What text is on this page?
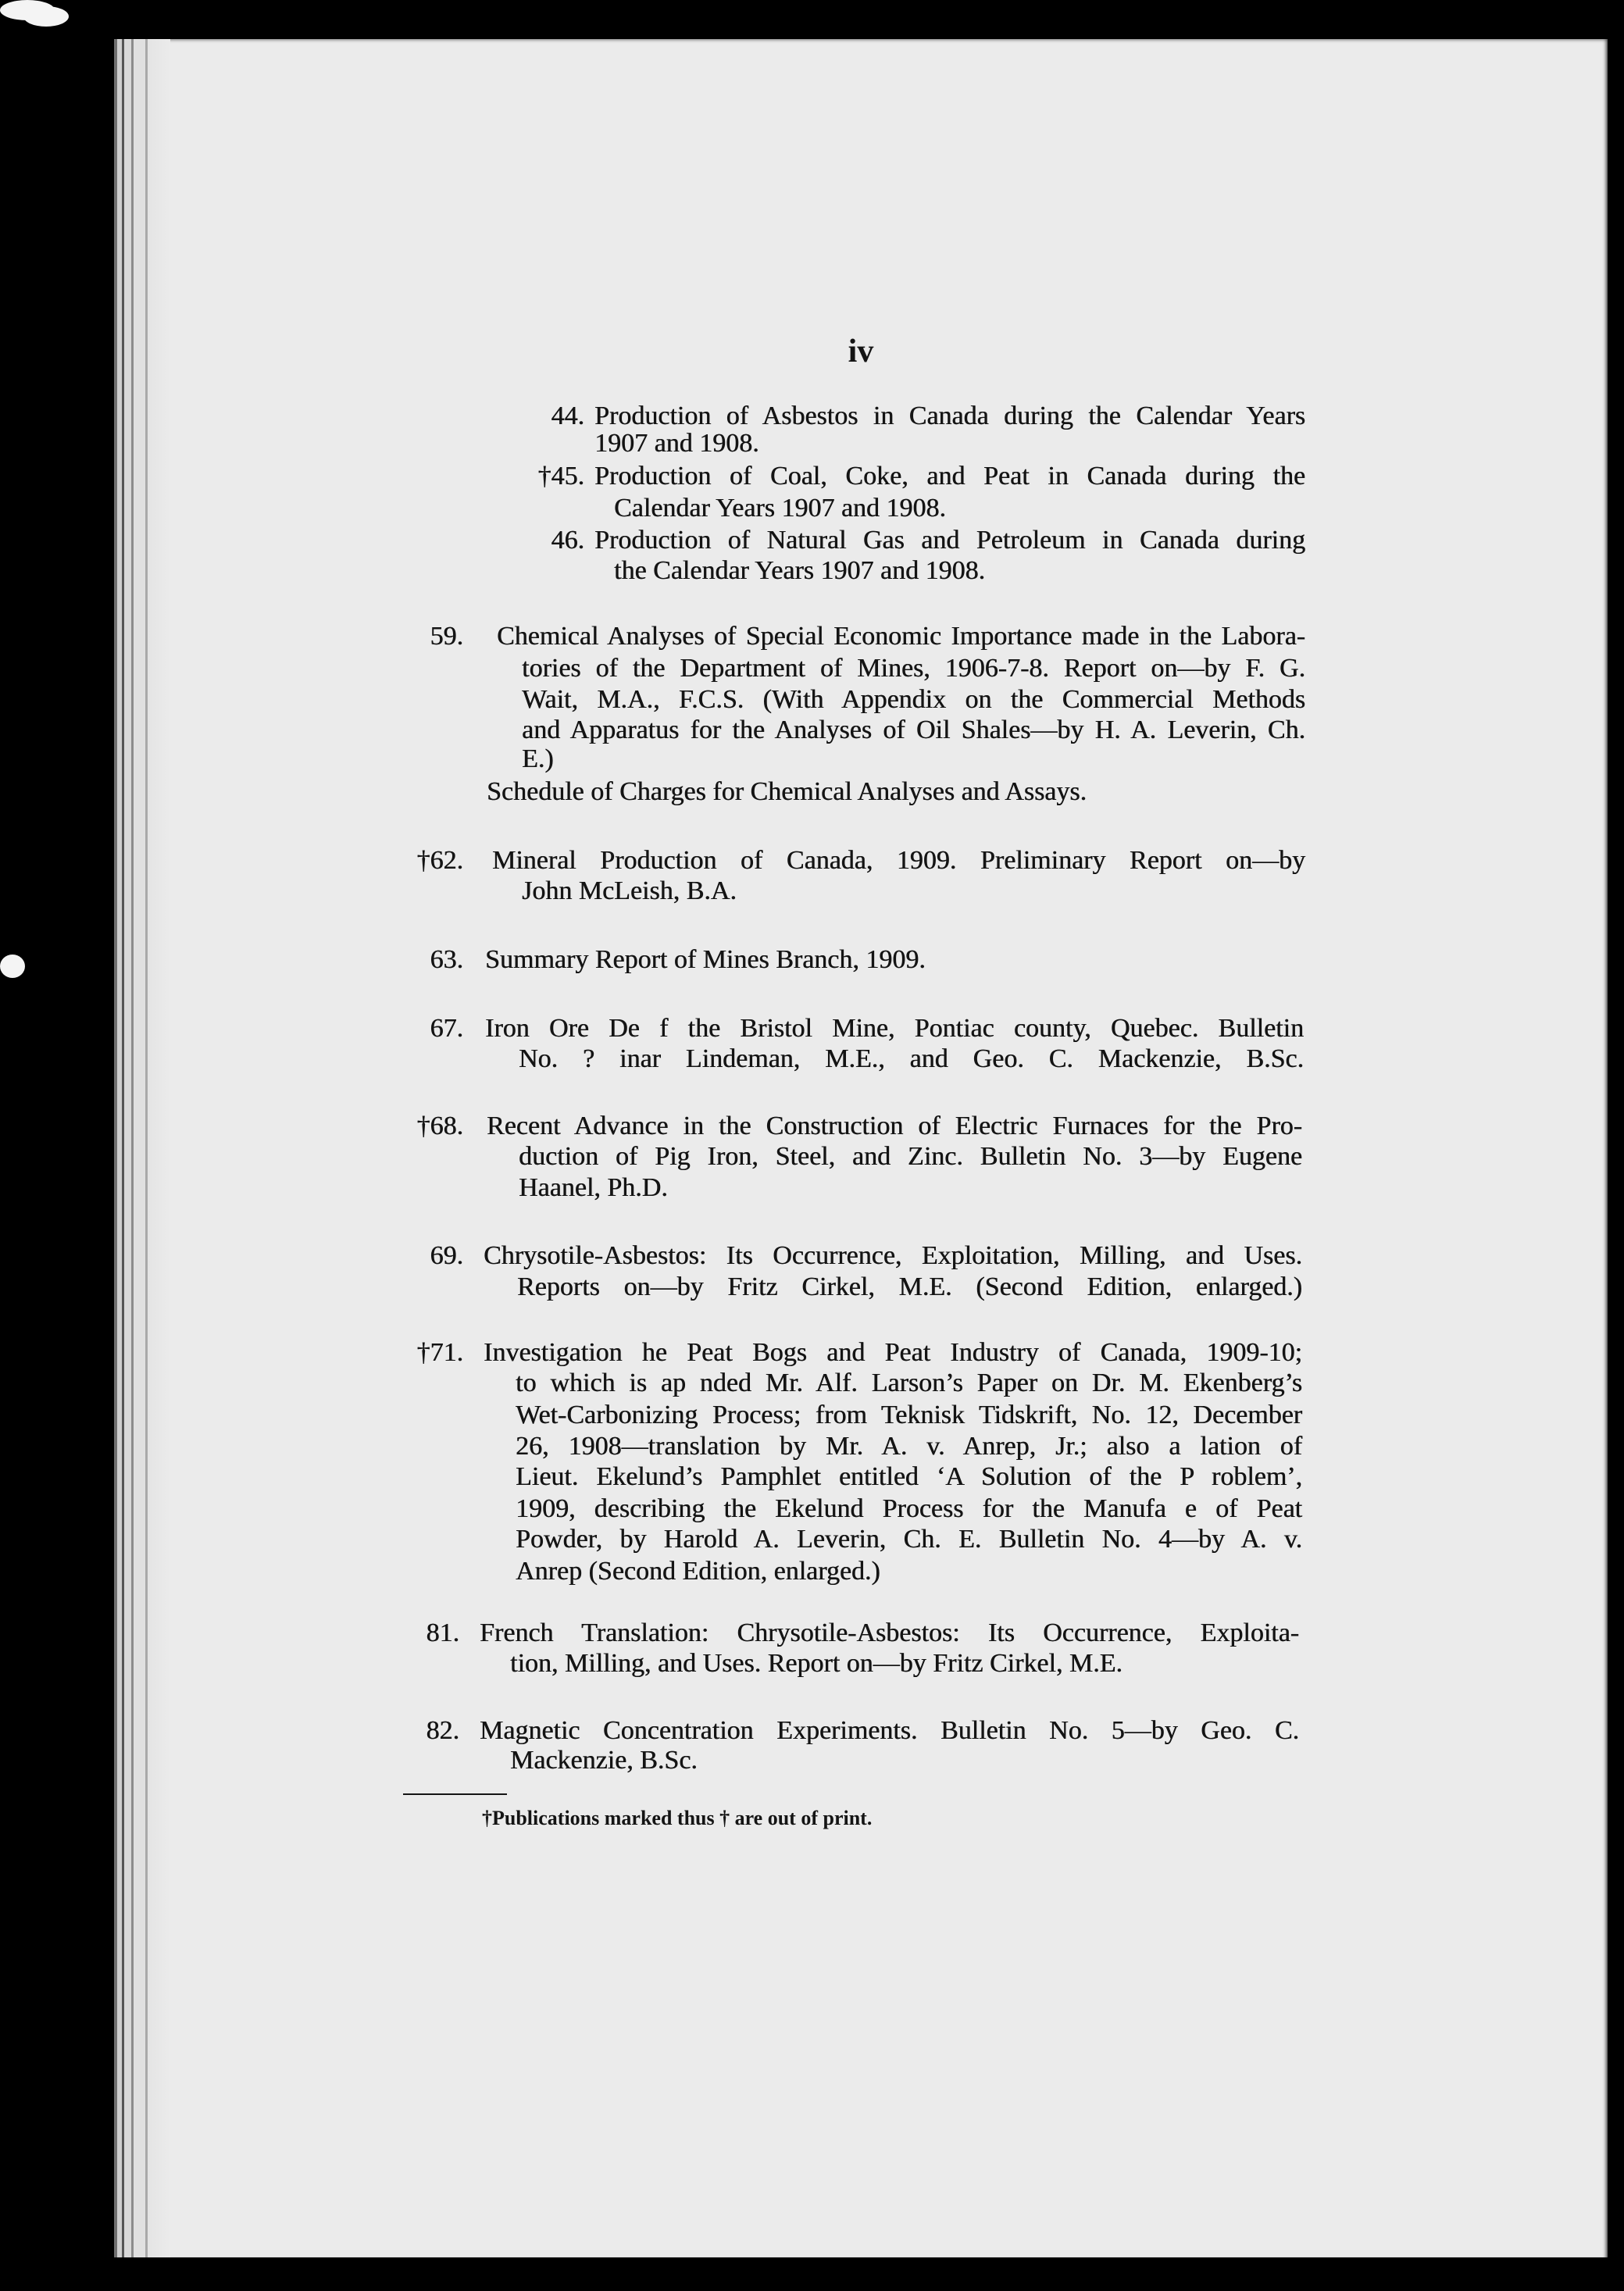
iv
44. Production of Asbestos in Canada during the Calendar Years
1907 and 1908.
†45. Production of Coal, Coke, and Peat in Canada during the
Calendar Years 1907 and 1908.
46. Production of Natural Gas and Petroleum in Canada during
the Calendar Years 1907 and 1908.
59. Chemical Analyses of Special Economic Importance made in the Labora-
tories of the Department of Mines, 1906-7-8. Report on—by F. G.
Wait, M.A., F.C.S. (With Appendix on the Commercial Methods
and Apparatus for the Analyses of Oil Shales—by H. A. Leverin, Ch.
E.)
Schedule of Charges for Chemical Analyses and Assays.
†62. Mineral Production of Canada, 1909. Preliminary Report on—by
John McLeish, B.A.
63. Summary Report of Mines Branch, 1909.
67. Iron Ore De f the Bristol Mine, Pontiac county, Quebec. Bulletin
No. ? inar Lindeman, M.E., and Geo. C. Mackenzie, B.Sc.
†68. Recent Advance in the Construction of Electric Furnaces for the Pro-
duction of Pig Iron, Steel, and Zinc. Bulletin No. 3—by Eugene
Haanel, Ph.D.
69. Chrysotile-Asbestos: Its Occurrence, Exploitation, Milling, and Uses.
Reports on—by Fritz Cirkel, M.E. (Second Edition, enlarged.)
†71. Investigation he Peat Bogs and Peat Industry of Canada, 1909-10;
to which is ap nded Mr. Alf. Larson’s Paper on Dr. M. Ekenberg’s
Wet-Carbonizing Process; from Teknisk Tidskrift, No. 12, December
26, 1908—translation by Mr. A. v. Anrep, Jr.; also a lation of
Lieut. Ekelund’s Pamphlet entitled ‘A Solution of the P roblem’,
1909, describing the Ekelund Process for the Manufa e of Peat
Powder, by Harold A. Leverin, Ch. E. Bulletin No. 4—by A. v.
Anrep (Second Edition, enlarged.)
81. French Translation: Chrysotile-Asbestos: Its Occurrence, Exploita-
tion, Milling, and Uses. Report on—by Fritz Cirkel, M.E.
82. Magnetic Concentration Experiments. Bulletin No. 5—by Geo. C.
Mackenzie, B.Sc.
†Publications marked thus † are out of print.
